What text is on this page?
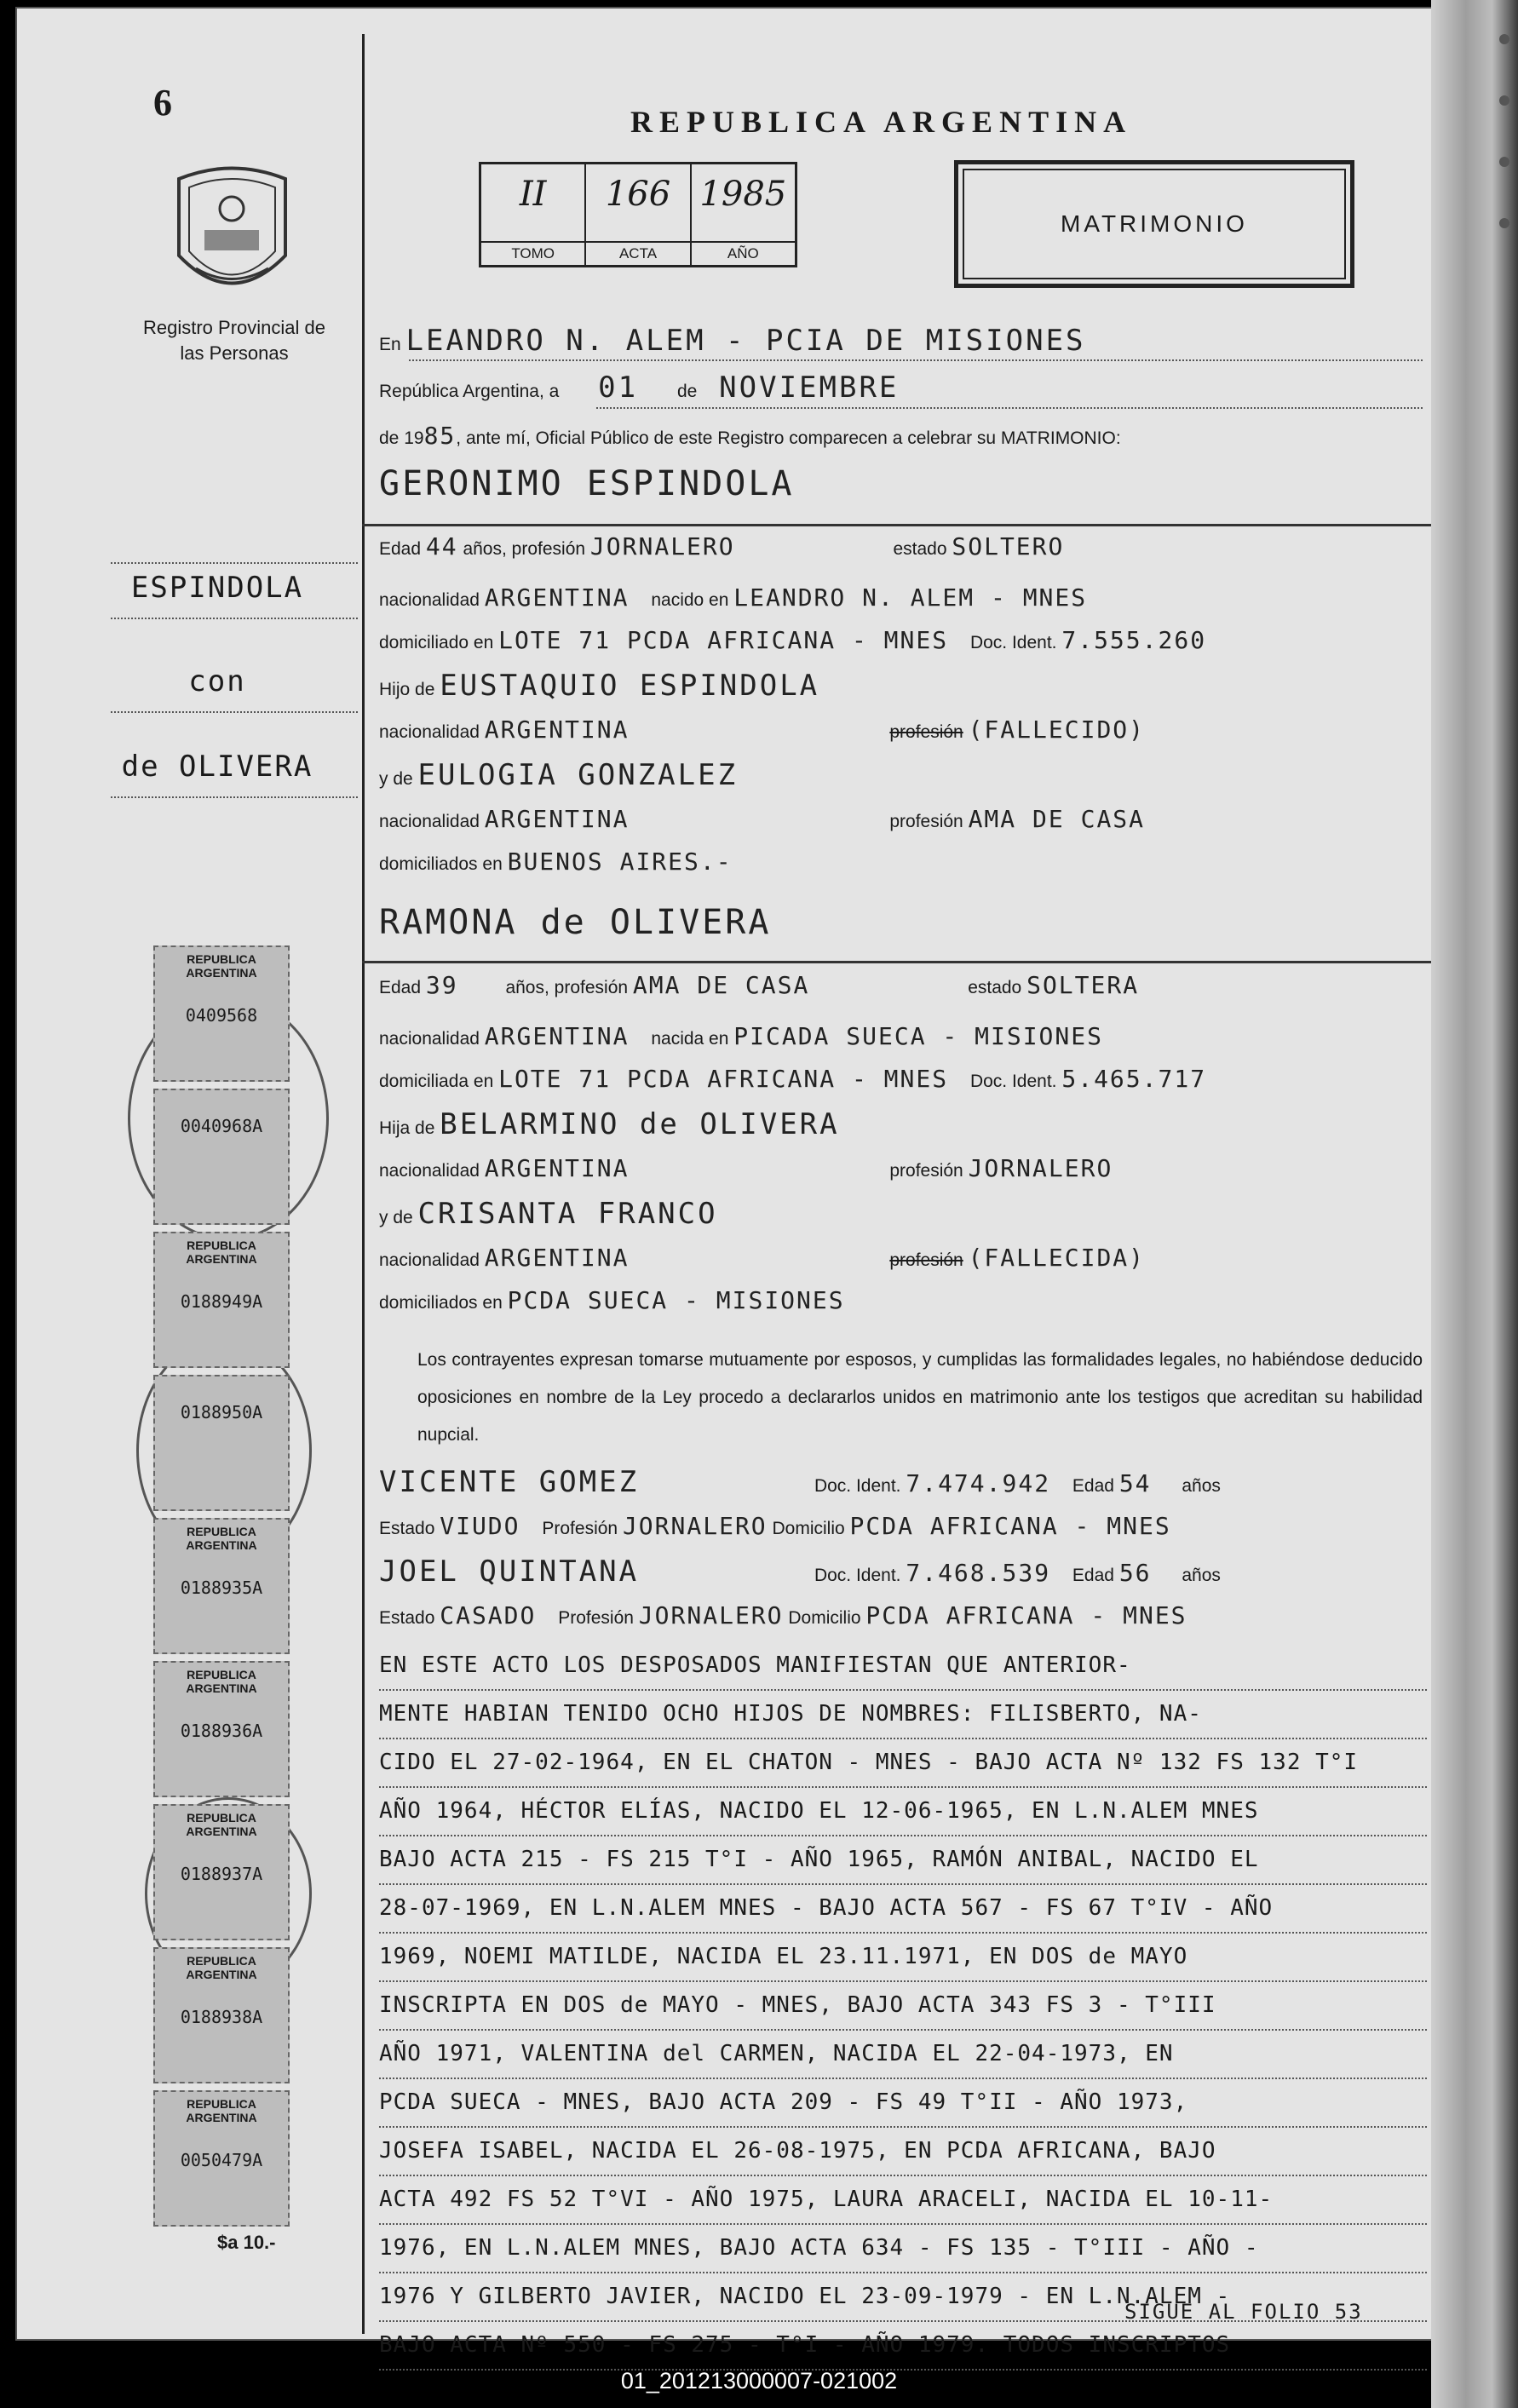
6
Registro Provincial de las Personas
REPUBLICA ARGENTINA
II
TOMO
166
ACTA
1985
AÑO
MATRIMONIO
En LEANDRO N. ALEM - PCIA DE MISIONES
República Argentina, a 01 de NOVIEMBRE
de 1985, ante mí, Oficial Público de este Registro comparecen a celebrar su MATRIMONIO:
GERONIMO ESPINDOLA
Edad 44 años, profesión JORNALERO	estado SOLTERO
nacionalidad ARGENTINA nacido en LEANDRO N. ALEM - MNES
domiciliado en LOTE 71 PCDA AFRICANA - MNES Doc. Ident. 7.555.260
Hijo de EUSTAQUIO ESPINDOLA
nacionalidad ARGENTINA	profesión (FALLECIDO)
y de EULOGIA GONZALEZ
nacionalidad ARGENTINA	profesión AMA DE CASA
domiciliados en BUENOS AIRES.-
RAMONA de OLIVERA
Edad 39	años, profesión AMA DE CASA	estado SOLTERA
nacionalidad ARGENTINA nacida en PICADA SUECA - MISIONES
domiciliada en LOTE 71 PCDA AFRICANA - MNES Doc. Ident. 5.465.717
Hija de BELARMINO de OLIVERA
nacionalidad ARGENTINA	profesión JORNALERO
y de CRISANTA FRANCO
nacionalidad ARGENTINA	profesión (FALLECIDA)
domiciliados en PCDA SUECA - MISIONES
Los contrayentes expresan tomarse mutuamente por esposos, y cumplidas las formalidades legales, no habiéndose deducido oposiciones en nombre de la Ley procedo a declararlos unidos en matrimonio ante los testigos que acreditan su habilidad nupcial.
VICENTE GOMEZ	Doc. Ident. 7.474.942 Edad 54 años
Estado VIUDO Profesión JORNALERO Domicilio PCDA AFRICANA - MNES
JOEL QUINTANA	Doc. Ident. 7.468.539 Edad 56 años
Estado CASADO Profesión JORNALERO Domicilio PCDA AFRICANA - MNES
EN ESTE ACTO LOS DESPOSADOS MANIFIESTAN QUE ANTERIOR-
MENTE HABIAN TENIDO OCHO HIJOS DE NOMBRES: FILISBERTO, NA-
CIDO EL 27-02-1964, EN EL CHATON - MNES - BAJO ACTA Nº 132 FS 132 T°I
AÑO 1964, HÉCTOR ELÍAS, NACIDO EL 12-06-1965, EN L.N.ALEM MNES
BAJO ACTA 215 - FS 215 T°I - AÑO 1965, RAMÓN ANIBAL, NACIDO EL
28-07-1969, EN L.N.ALEM MNES - BAJO ACTA 567 - FS 67 T°IV - AÑO
1969, NOEMI MATILDE, NACIDA EL 23.11.1971, EN DOS de MAYO
INSCRIPTA EN DOS de MAYO - MNES, BAJO ACTA 343 FS 3 - T°III
AÑO 1971, VALENTINA del CARMEN, NACIDA EL 22-04-1973, EN
PCDA SUECA - MNES, BAJO ACTA 209 - FS 49 T°II - AÑO 1973,
JOSEFA ISABEL, NACIDA EL 26-08-1975, EN PCDA AFRICANA, BAJO
ACTA 492 FS 52 T°VI - AÑO 1975, LAURA ARACELI, NACIDA EL 10-11-
1976, EN L.N.ALEM MNES, BAJO ACTA 634 - FS 135 - T°III - AÑO -
1976 Y GILBERTO JAVIER, NACIDO EL 23-09-1979 - EN L.N.ALEM -
BAJO ACTA Nº 550 - FS 275 - T°I - AÑO 1979. TODOS INSCRIPTOS
ESPINDOLA
con
de OLIVERA
REPUBLICA ARGENTINA
0409568
0040968A
REPUBLICA ARGENTINA
0188949A
0188950A
REPUBLICA ARGENTINA
0188935A
REPUBLICA ARGENTINA
0188936A
REPUBLICA ARGENTINA
0188937A
REPUBLICA ARGENTINA
0188938A
REPUBLICA ARGENTINA
0050479A
$a 10.-
SIGUE AL FOLIO 53
01_201213000007-021002
